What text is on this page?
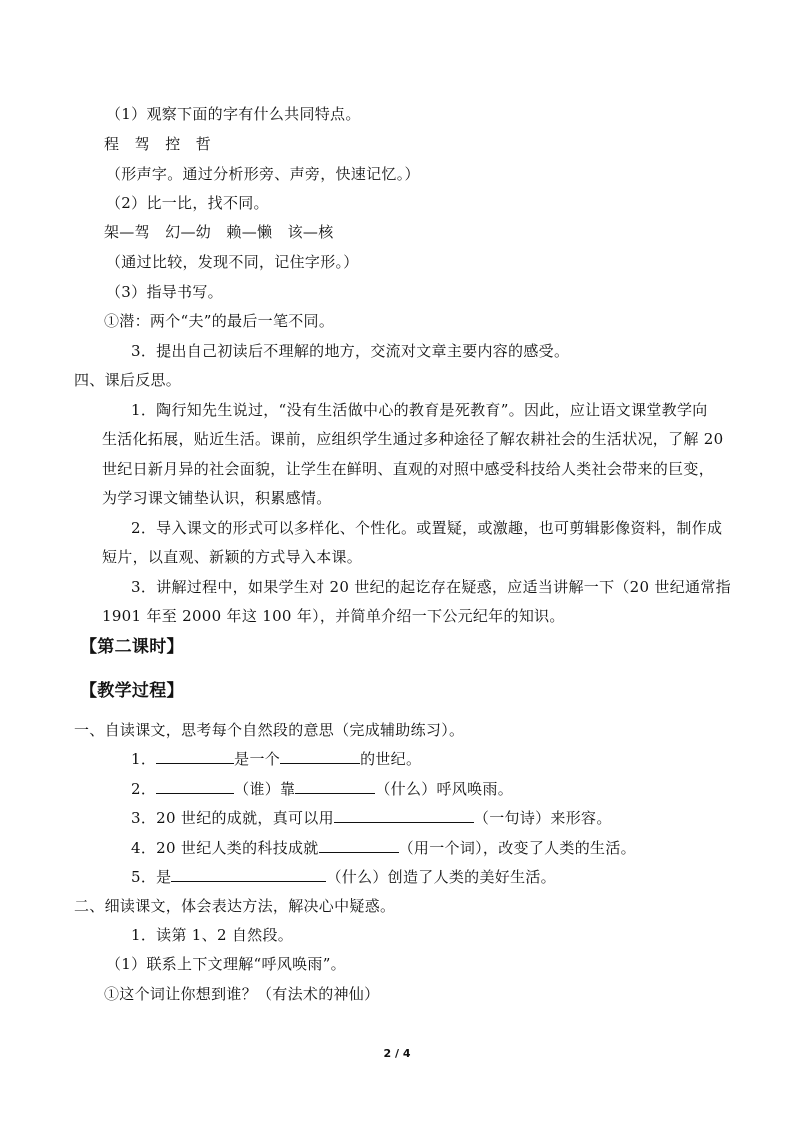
（1）观察下面的字有什么共同特点。
程　驾　控　哲
（形声字。通过分析形旁、声旁，快速记忆。）
（2）比一比，找不同。
架—驾　幻—幼　赖—懒　该—核
（通过比较，发现不同，记住字形。）
（3）指导书写。
①潜：两个“夫”的最后一笔不同。
3．提出自己初读后不理解的地方，交流对文章主要内容的感受。
四、课后反思。
1．陶行知先生说过，“没有生活做中心的教育是死教育”。因此，应让语文课堂教学向
生活化拓展，贴近生活。课前，应组织学生通过多种途径了解农耕社会的生活状况，了解 20
世纪日新月异的社会面貌，让学生在鲜明、直观的对照中感受科技给人类社会带来的巨变，
为学习课文铺垫认识，积累感情。
2．导入课文的形式可以多样化、个性化。或置疑，或激趣，也可剪辑影像资料，制作成
短片，以直观、新颖的方式导入本课。
3．讲解过程中，如果学生对 20 世纪的起讫存在疑惑，应适当讲解一下（20 世纪通常指
1901 年至 2000 年这 100 年），并简单介绍一下公元纪年的知识。
【第二课时】
【教学过程】
一、自读课文，思考每个自然段的意思（完成辅助练习）。
1．	是一个	的世纪。
2．	（谁）靠	（什么）呼风唤雨。
3．20 世纪的成就，真可以用	（一句诗）来形容。
4．20 世纪人类的科技成就	（用一个词），改变了人类的生活。
5．是	（什么）创造了人类的美好生活。
二、细读课文，体会表达方法，解决心中疑惑。
1．读第 1、2 自然段。
（1）联系上下文理解“呼风唤雨”。
①这个词让你想到谁？（有法术的神仙）
2 / 4
